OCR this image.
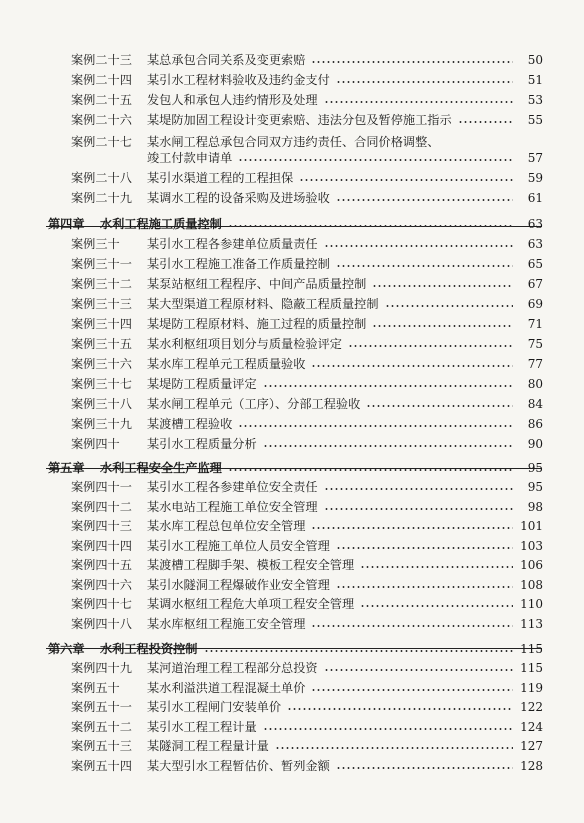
案例二十三	某总承包合同关系及变更索赔	50
案例二十四	某引水工程材料验收及违约金支付	51
案例二十五	发包人和承包人违约情形及处理	53
案例二十六	某堤防加固工程设计变更索赔、违法分包及暂停施工指示	55
案例二十七	某水闸工程总承包合同双方违约责任、合同价格调整、
竣工付款申请单	57
案例二十八	某引水渠道工程的工程担保	59
案例二十九	某调水工程的设备采购及进场验收	61
第四章	水利工程施工质量控制	63
案例三十	某引水工程各参建单位质量责任	63
案例三十一	某引水工程施工准备工作质量控制	65
案例三十二	某泵站枢纽工程程序、中间产品质量控制	67
案例三十三	某大型渠道工程原材料、隐蔽工程质量控制	69
案例三十四	某堤防工程原材料、施工过程的质量控制	71
案例三十五	某水利枢纽项目划分与质量检验评定	75
案例三十六	某水库工程单元工程质量验收	77
案例三十七	某堤防工程质量评定	80
案例三十八	某水闸工程单元（工序）、分部工程验收	84
案例三十九	某渡槽工程验收	86
案例四十	某引水工程质量分析	90
第五章	水利工程安全生产监理	95
案例四十一	某引水工程各参建单位安全责任	95
案例四十二	某水电站工程施工单位安全管理	98
案例四十三	某水库工程总包单位安全管理	101
案例四十四	某引水工程施工单位人员安全管理	103
案例四十五	某渡槽工程脚手架、模板工程安全管理	106
案例四十六	某引水隧洞工程爆破作业安全管理	108
案例四十七	某调水枢纽工程危大单项工程安全管理	110
案例四十八	某水库枢纽工程施工安全管理	113
第六章	水利工程投资控制	115
案例四十九	某河道治理工程工程部分总投资	115
案例五十	某水利溢洪道工程混凝土单价	119
案例五十一	某引水工程闸门安装单价	122
案例五十二	某引水工程工程计量	124
案例五十三	某隧洞工程工程量计量	127
案例五十四	某大型引水工程暂估价、暂列金额	128
